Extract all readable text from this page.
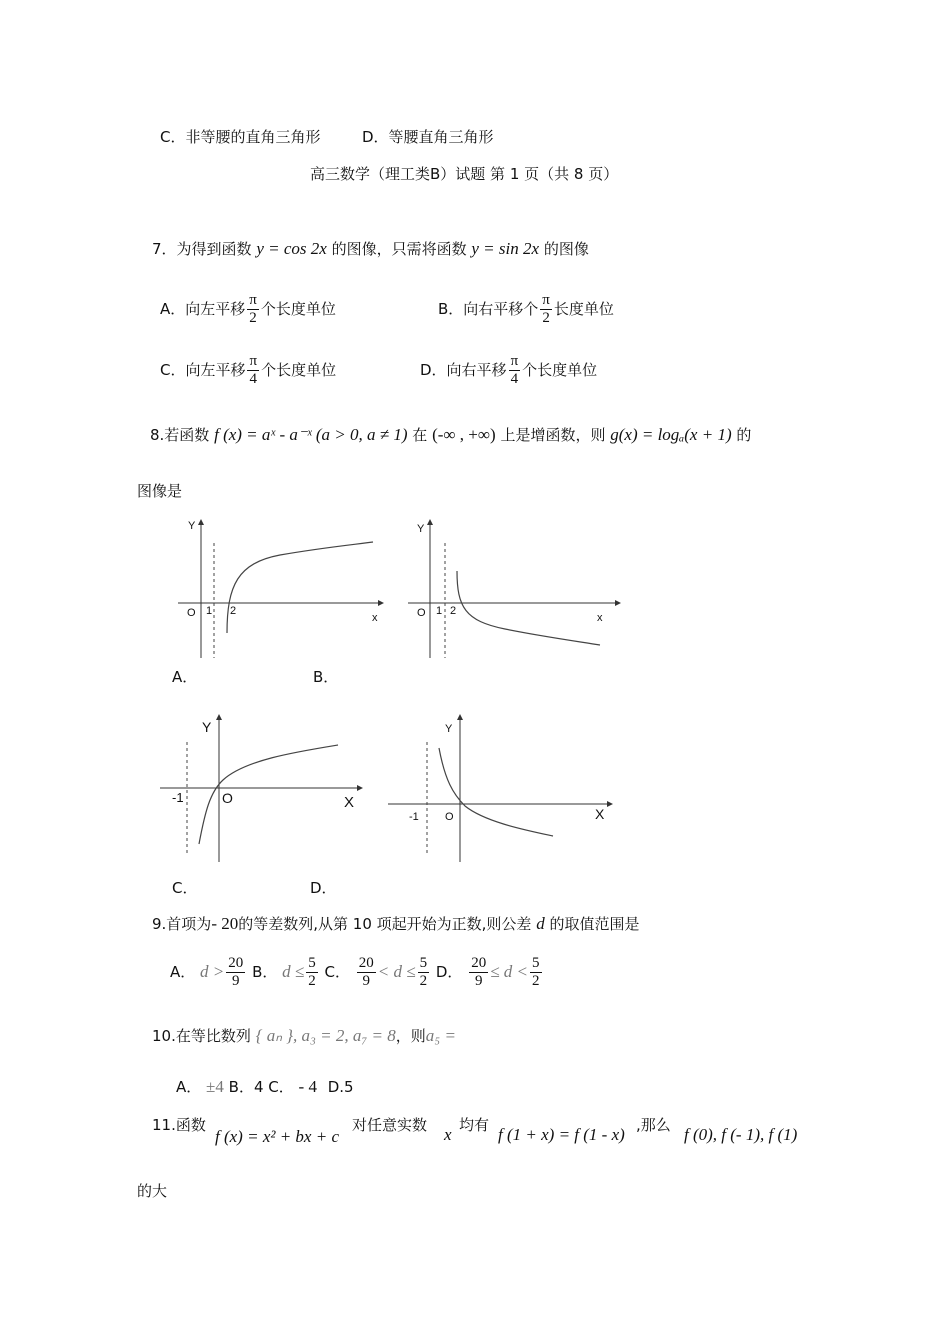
C．非等腰的直角三角形	D．等腰直角三角形
高三数学（理工类B）试题 第 1 页（共 8 页）
7．为得到函数 y = cos 2x 的图像，只需将函数 y = sin 2x 的图像
A．向左平移 $\frac{\pi}{2}$ 个长度单位	B．向右平移个 $\frac{\pi}{2}$ 长度单位
C．向左平移 $\frac{\pi}{4}$ 个长度单位	D．向右平移 $\frac{\pi}{4}$ 个长度单位
8.若函数 f (x) = aˣ - a⁻ˣ (a > 0, a ≠ 1) 在 (-∞ , +∞) 上是增函数，则 g(x) = logₐ(x + 1) 的
图像是
Y
x
O 1 2
A．
Y
x
O 1 2
B．
Y
X
O
-1
C．
Y
X
O
-1
D．
9.首项为- 20的等差数列,从第 10 项起开始为正数,则公差 d 的取值范围是
A． $d > \frac{20}{9}$ B． $d \le \frac{5}{2}$ C． $\frac{20}{9} < d \le \frac{5}{2}$ D． $\frac{20}{9} \le d < \frac{5}{2}$
10.在等比数列 { aₙ }, a₃ = 2, a₇ = 8，则a₅ =
A． ±4 B．4 C． - 4 D.5
11.函数
f (x) = x² + bx + c
对任意实数 x 均有 f (1 + x) = f (1 - x) ,那么 f (0), f (- 1), f (1)
的大
